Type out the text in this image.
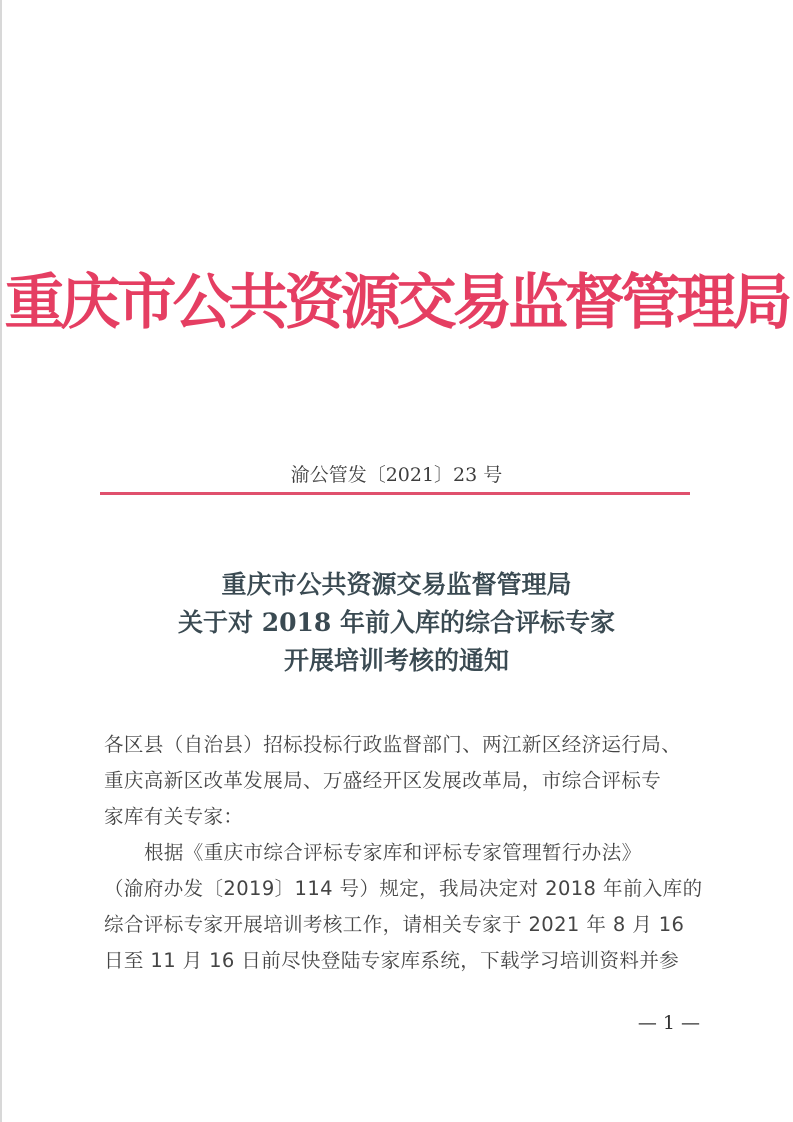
重庆市公共资源交易监督管理局
渝公管发〔2021〕23 号
重庆市公共资源交易监督管理局
关于对 2018 年前入库的综合评标专家
开展培训考核的通知
各区县（自治县）招标投标行政监督部门、两江新区经济运行局、
重庆高新区改革发展局、万盛经开区发展改革局，市综合评标专
家库有关专家：
根据《重庆市综合评标专家库和评标专家管理暂行办法》
（渝府办发〔2019〕114 号）规定，我局决定对 2018 年前入库的
综合评标专家开展培训考核工作，请相关专家于 2021 年 8 月 16
日至 11 月 16 日前尽快登陆专家库系统，下载学习培训资料并参
— 1 —
